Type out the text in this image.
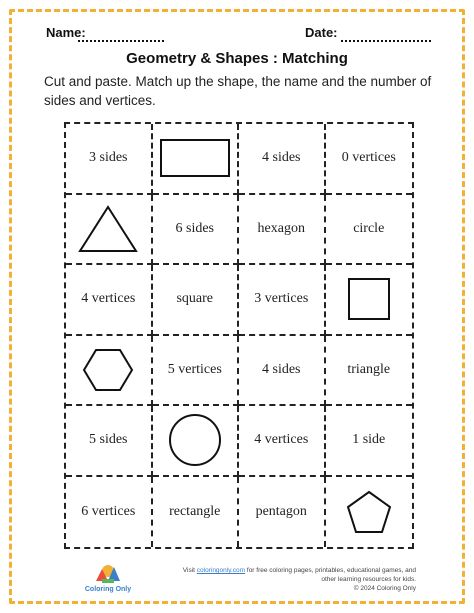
Name:	Date:
Geometry & Shapes : Matching
Cut and paste. Match up the shape, the name and the number of sides and vertices.
3 sides	4 sides	0 vertices
6 sides	hexagon	circle
4 vertices	square	3 vertices
5 vertices	4 sides	triangle
5 sides	4 vertices	1 side
6 vertices	rectangle	pentagon
Coloring Only
Visit coloringonly.com for free coloring pages, printables, educational games, and other learning resources for kids.
© 2024 Coloring Only
